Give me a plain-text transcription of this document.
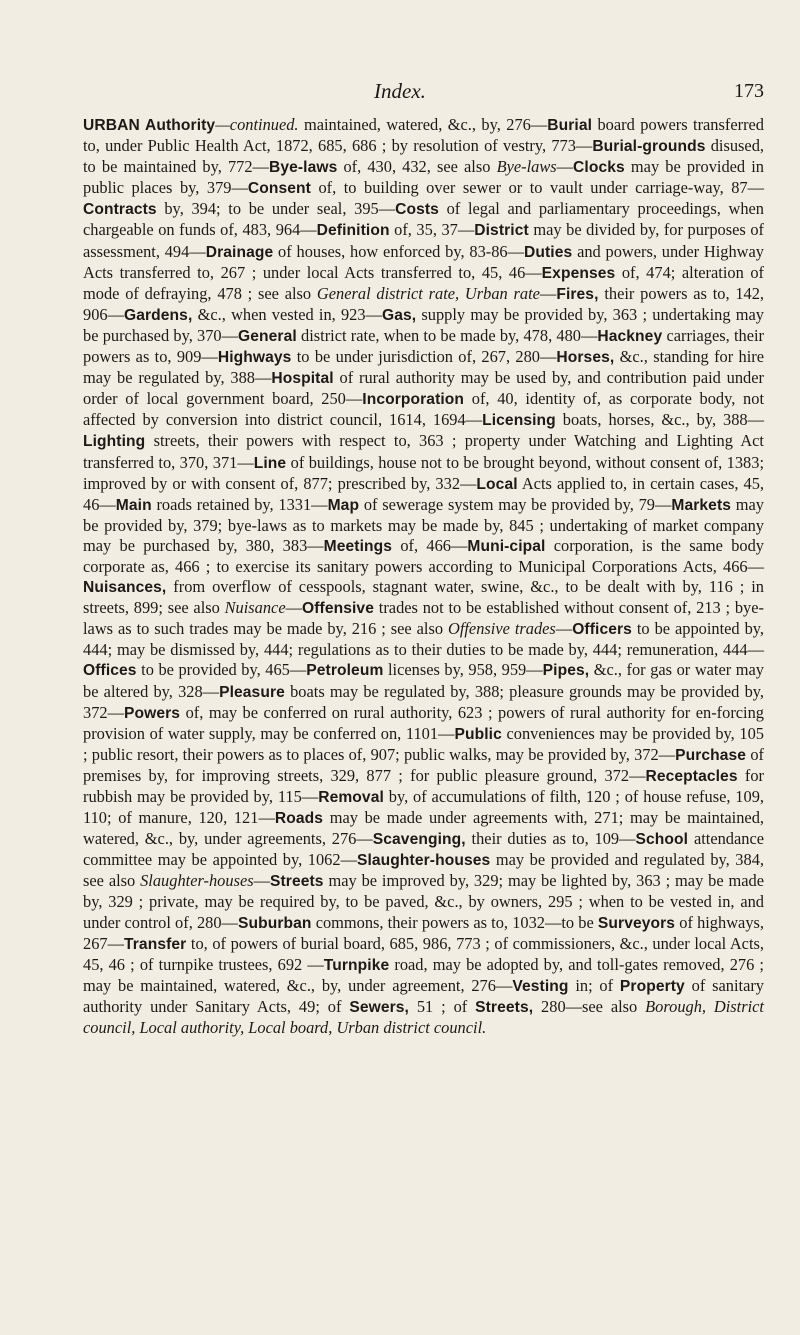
Index.	173
URBAN Authority—continued. maintained, watered, &c., by, 276—Burial board powers transferred to, under Public Health Act, 1872, 685, 686 ; by resolution of vestry, 773—Burial-grounds disused, to be maintained by, 772—Bye-laws of, 430, 432, see also Bye-laws—Clocks may be provided in public places by, 379—Consent of, to building over sewer or to vault under carriage-way, 87—Contracts by, 394; to be under seal, 395—Costs of legal and parliamentary proceedings, when chargeable on funds of, 483, 964—Definition of, 35, 37—District may be divided by, for purposes of assessment, 494—Drainage of houses, how enforced by, 83-86—Duties and powers, under Highway Acts transferred to, 267 ; under local Acts transferred to, 45, 46—Expenses of, 474; alteration of mode of defraying, 478 ; see also General district rate, Urban rate—Fires, their powers as to, 142, 906—Gardens, &c., when vested in, 923—Gas, supply may be provided by, 363 ; undertaking may be purchased by, 370—General district rate, when to be made by, 478, 480—Hackney carriages, their powers as to, 909—Highways to be under jurisdiction of, 267, 280—Horses, &c., standing for hire may be regulated by, 388—Hospital of rural authority may be used by, and contribution paid under order of local government board, 250—Incorporation of, 40, identity of, as corporate body, not affected by conversion into district council, 1614, 1694—Licensing boats, horses, &c., by, 388—Lighting streets, their powers with respect to, 363 ; property under Watching and Lighting Act transferred to, 370, 371—Line of buildings, house not to be brought beyond, without consent of, 1383; improved by or with consent of, 877; prescribed by, 332—Local Acts applied to, in certain cases, 45, 46—Main roads retained by, 1331—Map of sewerage system may be provided by, 79—Markets may be provided by, 379; bye-laws as to markets may be made by, 845 ; undertaking of market company may be purchased by, 380, 383—Meetings of, 466—Muni-cipal corporation, is the same body corporate as, 466 ; to exercise its sanitary powers according to Municipal Corporations Acts, 466—Nuisances, from overflow of cesspools, stagnant water, swine, &c., to be dealt with by, 116 ; in streets, 899; see also Nuisance—Offensive trades not to be established without consent of, 213 ; bye-laws as to such trades may be made by, 216 ; see also Offensive trades—Officers to be appointed by, 444; may be dismissed by, 444; regulations as to their duties to be made by, 444; remuneration, 444—Offices to be provided by, 465—Petroleum licenses by, 958, 959—Pipes, &c., for gas or water may be altered by, 328—Pleasure boats may be regulated by, 388; pleasure grounds may be provided by, 372—Powers of, may be conferred on rural authority, 623 ; powers of rural authority for en-forcing provision of water supply, may be conferred on, 1101—Public conveniences may be provided by, 105 ; public resort, their powers as to places of, 907; public walks, may be provided by, 372—Purchase of premises by, for improving streets, 329, 877 ; for public pleasure ground, 372—Receptacles for rubbish may be provided by, 115—Removal by, of accumulations of filth, 120 ; of house refuse, 109, 110; of manure, 120, 121—Roads may be made under agreements with, 271; may be maintained, watered, &c., by, under agreements, 276—Scavenging, their duties as to, 109—School attendance committee may be appointed by, 1062—Slaughter-houses may be provided and regulated by, 384, see also Slaughter-houses—Streets may be improved by, 329; may be lighted by, 363 ; may be made by, 329 ; private, may be required by, to be paved, &c., by owners, 295 ; when to be vested in, and under control of, 280—Suburban commons, their powers as to, 1032—to be Surveyors of highways, 267—Transfer to, of powers of burial board, 685, 986, 773 ; of commissioners, &c., under local Acts, 45, 46 ; of turnpike trustees, 692 —Turnpike road, may be adopted by, and toll-gates removed, 276 ; may be maintained, watered, &c., by, under agreement, 276—Vesting in; of Property of sanitary authority under Sanitary Acts, 49; of Sewers, 51 ; of Streets, 280—see also Borough, District council, Local authority, Local board, Urban district council.
